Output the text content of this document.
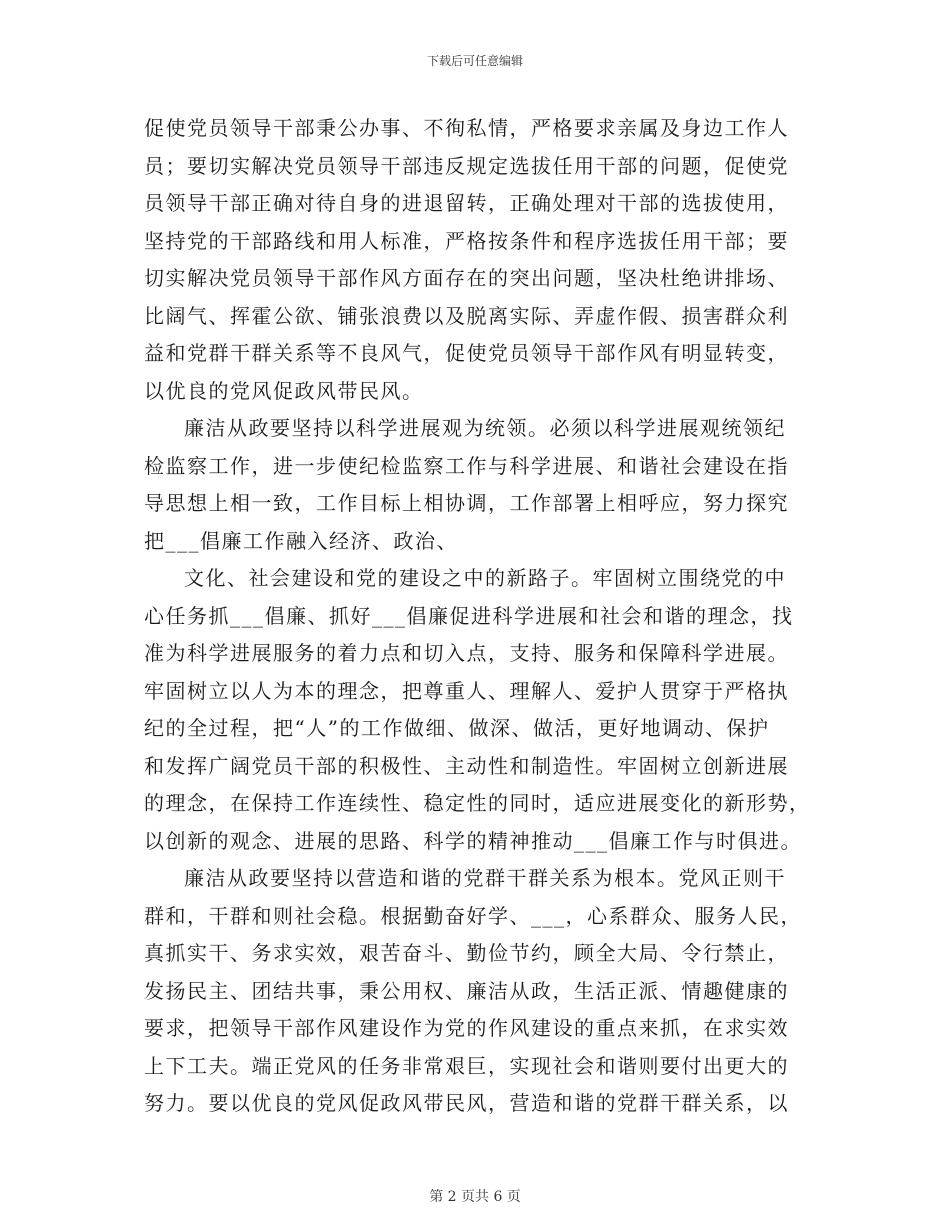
下载后可任意编辑
促使党员领导干部秉公办事、不徇私情，严格要求亲属及身边工作人
员；要切实解决党员领导干部违反规定选拔任用干部的问题，促使党
员领导干部正确对待自身的进退留转，正确处理对干部的选拔使用，
坚持党的干部路线和用人标准，严格按条件和程序选拔任用干部；要
切实解决党员领导干部作风方面存在的突出问题，坚决杜绝讲排场、
比阔气、挥霍公欲、铺张浪费以及脱离实际、弄虚作假、损害群众利
益和党群干群关系等不良风气，促使党员领导干部作风有明显转变，
以优良的党风促政风带民风。
廉洁从政要坚持以科学进展观为统领。必须以科学进展观统领纪
检监察工作，进一步使纪检监察工作与科学进展、和谐社会建设在指
导思想上相一致，工作目标上相协调，工作部署上相呼应，努力探究
把___倡廉工作融入经济、政治、
文化、社会建设和党的建设之中的新路子。牢固树立围绕党的中
心任务抓___倡廉、抓好___倡廉促进科学进展和社会和谐的理念，找
准为科学进展服务的着力点和切入点，支持、服务和保障科学进展。
牢固树立以人为本的理念，把尊重人、理解人、爱护人贯穿于严格执
纪的全过程，把“人”的工作做细、做深、做活，更好地调动、保护
和发挥广阔党员干部的积极性、主动性和制造性。牢固树立创新进展
的理念，在保持工作连续性、稳定性的同时，适应进展变化的新形势，
以创新的观念、进展的思路、科学的精神推动___倡廉工作与时俱进。
廉洁从政要坚持以营造和谐的党群干群关系为根本。党风正则干
群和，干群和则社会稳。根据勤奋好学、___，心系群众、服务人民，
真抓实干、务求实效，艰苦奋斗、勤俭节约，顾全大局、令行禁止，
发扬民主、团结共事，秉公用权、廉洁从政，生活正派、情趣健康的
要求，把领导干部作风建设作为党的作风建设的重点来抓，在求实效
上下工夫。端正党风的任务非常艰巨，实现社会和谐则要付出更大的
努力。要以优良的党风促政风带民风，营造和谐的党群干群关系，以
第 2 页共 6 页
